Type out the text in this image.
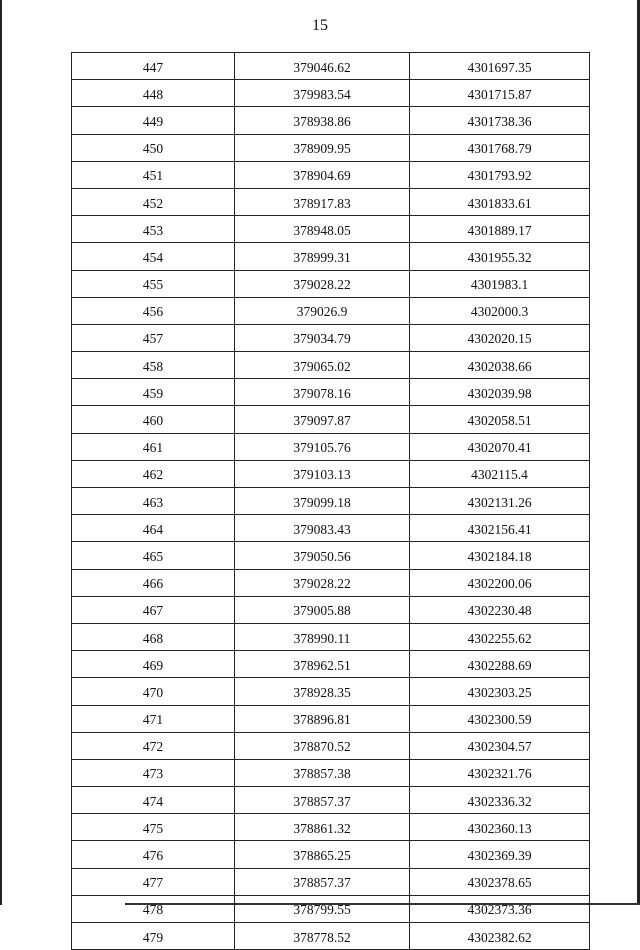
15
447	379046.62	4301697.35
448	379983.54	4301715.87
449	378938.86	4301738.36
450	378909.95	4301768.79
451	378904.69	4301793.92
452	378917.83	4301833.61
453	378948.05	4301889.17
454	378999.31	4301955.32
455	379028.22	4301983.1
456	379026.9	4302000.3
457	379034.79	4302020.15
458	379065.02	4302038.66
459	379078.16	4302039.98
460	379097.87	4302058.51
461	379105.76	4302070.41
462	379103.13	4302115.4
463	379099.18	4302131.26
464	379083.43	4302156.41
465	379050.56	4302184.18
466	379028.22	4302200.06
467	379005.88	4302230.48
468	378990.11	4302255.62
469	378962.51	4302288.69
470	378928.35	4302303.25
471	378896.81	4302300.59
472	378870.52	4302304.57
473	378857.38	4302321.76
474	378857.37	4302336.32
475	378861.32	4302360.13
476	378865.25	4302369.39
477	378857.37	4302378.65
478	378799.55	4302373.36
479	378778.52	4302382.62
